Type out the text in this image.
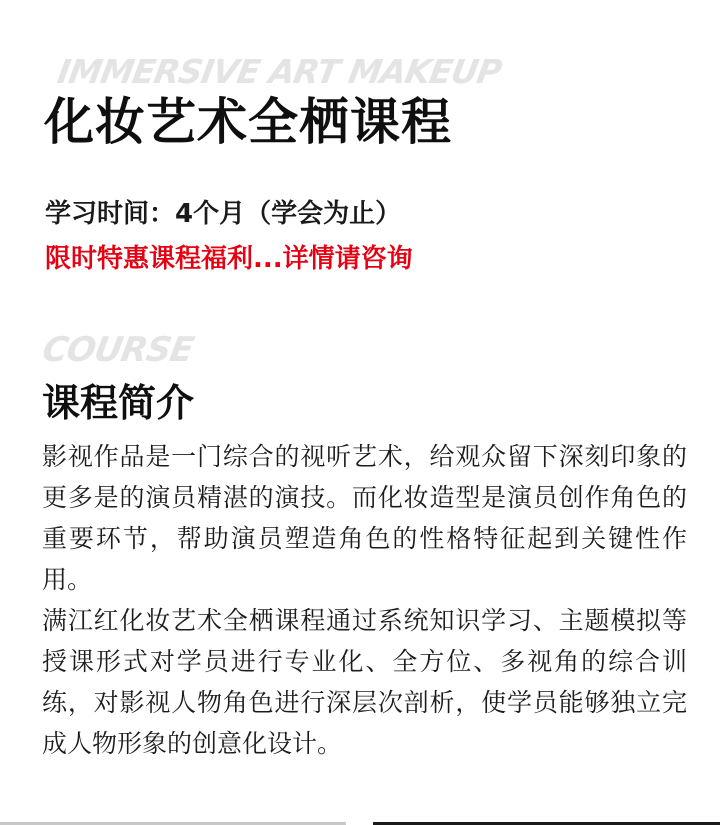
IMMERSIVE ART MAKEUP
化妆艺术全栖课程
学习时间：4个月（学会为止）
限时特惠课程福利...详情请咨询
COURSE
课程简介

影视作品是一门综合的视听艺术，给观众留下深刻印象的更多是的演员精湛的演技。而化妆造型是演员创作角色的重要环节，帮助演员塑造角色的性格特征起到关键性作用。

满江红化妆艺术全栖课程通过系统知识学习、主题模拟等授课形式对学员进行专业化、全方位、多视角的综合训练，对影视人物角色进行深层次剖析，使学员能够独立完成人物形象的创意化设计。
